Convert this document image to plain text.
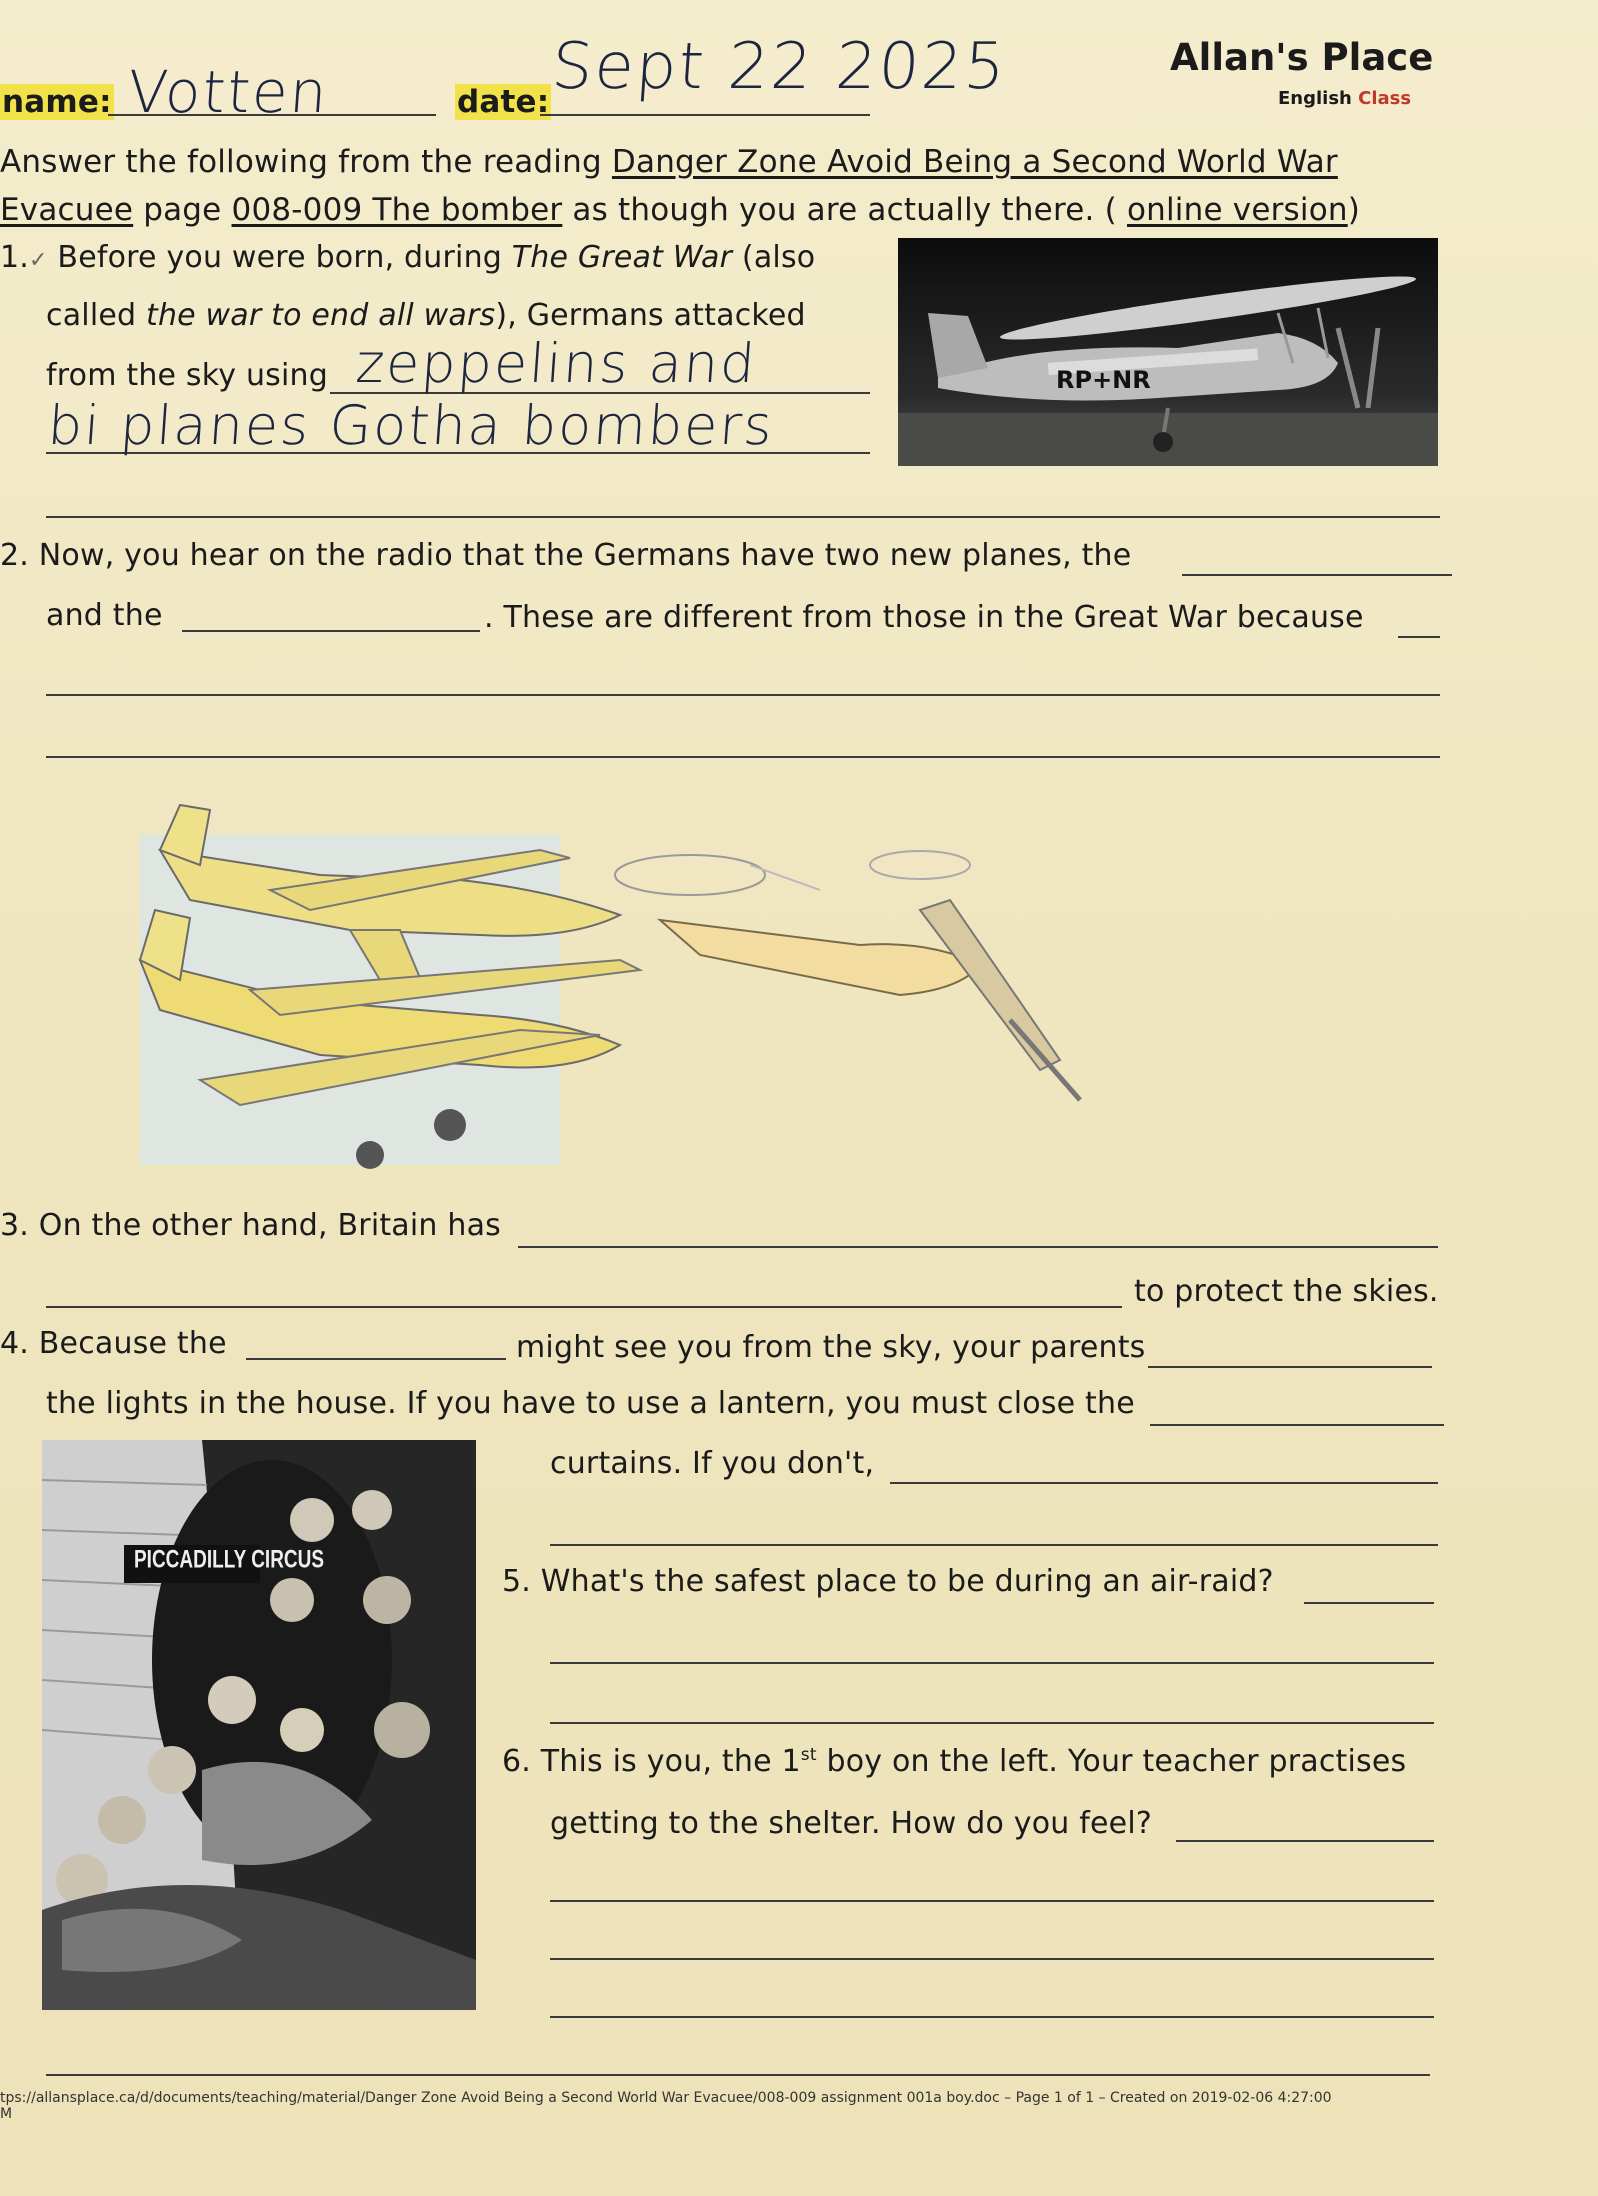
name: Votten	date: Sept 22 2025	Allan's Place
English Class
Answer the following from the reading Danger Zone Avoid Being a Second World War
Evacuee page 008-009 The bomber as though you are actually there. ( online version)
1.✓ Before you were born, during The Great War (also
called the war to end all wars), Germans attacked
from the sky using zeppelins and
bi planes Gotha bombers
RP+NR
2. Now, you hear on the radio that the Germans have two new planes, the
and the	. These are different from those in the Great War because
3. On the other hand, Britain has
to protect the skies.
4. Because the	might see you from the sky, your parents
the lights in the house. If you have to use a lantern, you must close the
curtains. If you don't,
PICCADILLY CIRCUS
5. What's the safest place to be during an air-raid?
6. This is you, the 1st boy on the left. Your teacher practises
getting to the shelter. How do you feel?
tps://allansplace.ca/d/documents/teaching/material/Danger Zone Avoid Being a Second World War Evacuee/008-009 assignment 001a boy.doc – Page 1 of 1 – Created on 2019-02-06 4:27:00
M
